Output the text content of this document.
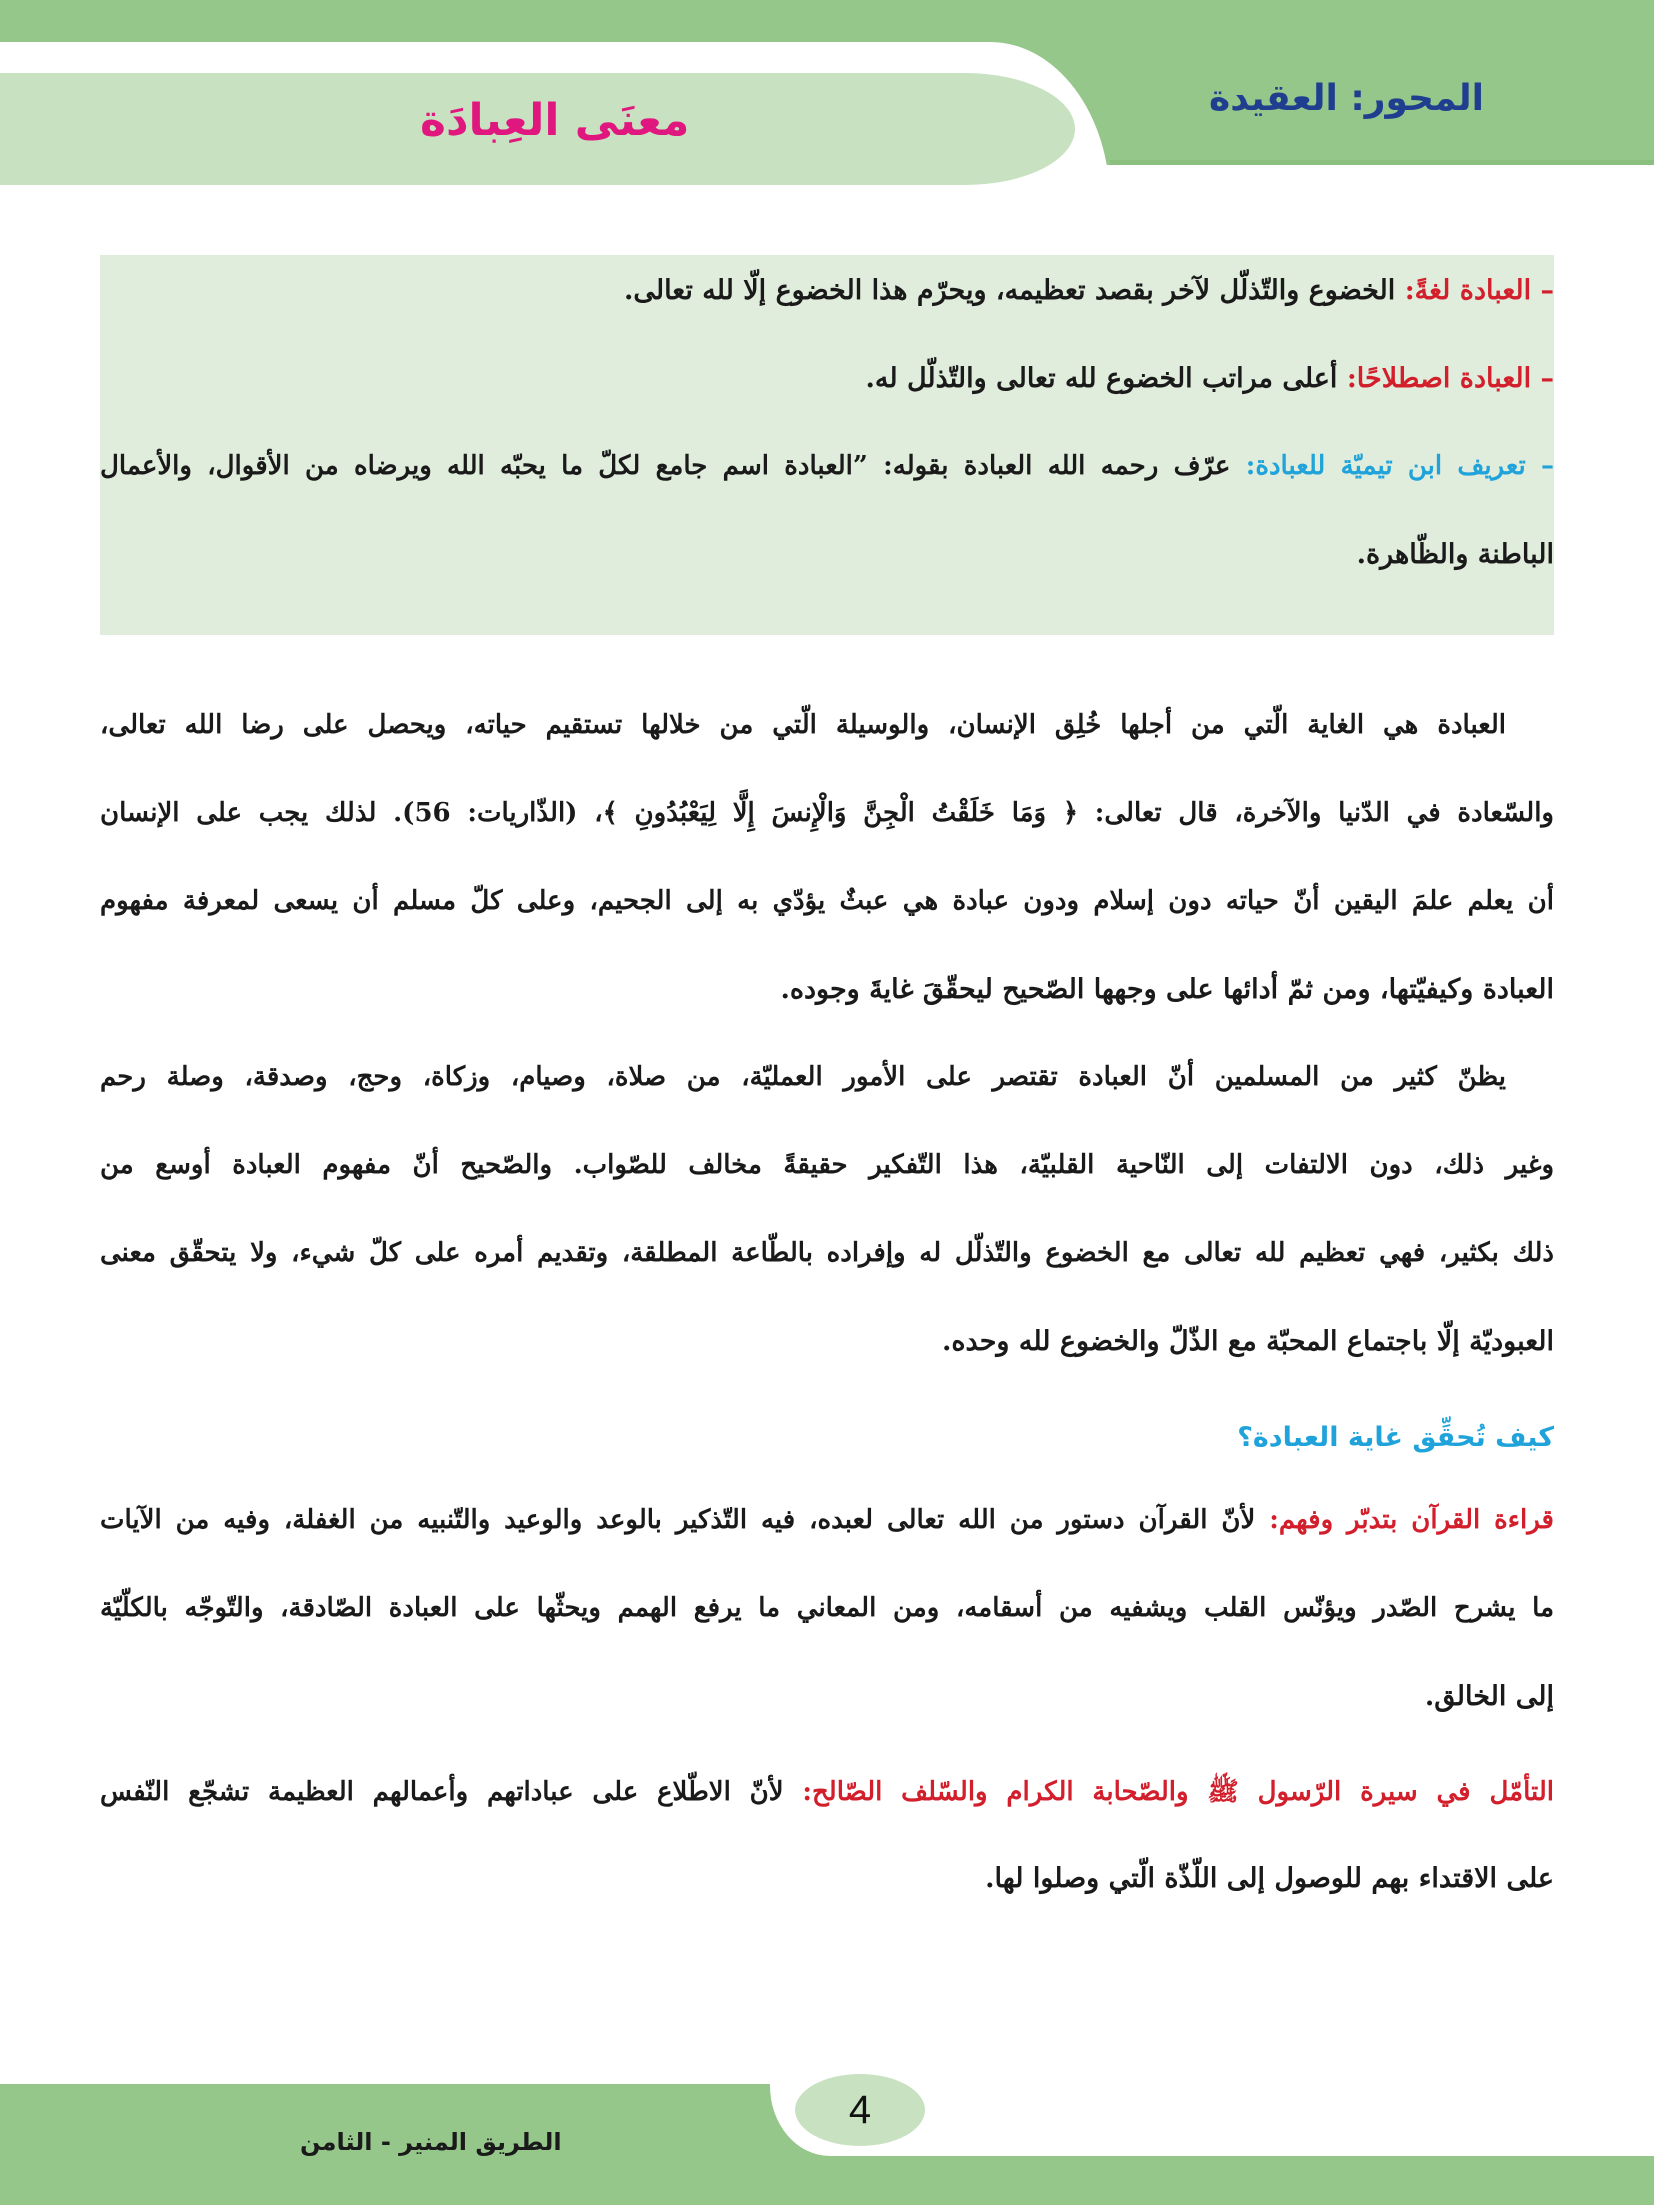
المحور: العقيدة
معنَى العِبادَة
– العبادة لغةً: الخضوع والتّذلّل لآخر بقصد تعظيمه، ويحرّم هذا الخضوع إلّا لله تعالى.
– العبادة اصطلاحًا: أعلى مراتب الخضوع لله تعالى والتّذلّل له.
– تعريف ابن تيميّة للعبادة: عرّف رحمه الله العبادة بقوله: ”العبادة اسم جامع لكلّ ما يحبّه الله ويرضاه من الأقوال، والأعمال
الباطنة والظّاهرة.
العبادة هي الغاية الّتي من أجلها خُلِق الإنسان، والوسيلة الّتي من خلالها تستقيم حياته، ويحصل على رضا الله تعالى،
والسّعادة في الدّنيا والآخرة، قال تعالى: ﴿ وَمَا خَلَقْتُ الْجِنَّ وَالْإِنسَ إِلَّا لِيَعْبُدُونِ ﴾، (الذّاريات: 56). لذلك يجب على الإنسان
أن يعلم علمَ اليقين أنّ حياته دون إسلام ودون عبادة هي عبثٌ يؤدّي به إلى الجحيم، وعلى كلّ مسلم أن يسعى لمعرفة مفهوم
العبادة وكيفيّتها، ومن ثمّ أدائها على وجهها الصّحيح ليحقّقَ غايةَ وجوده.
يظنّ كثير من المسلمين أنّ العبادة تقتصر على الأمور العمليّة، من صلاة، وصيام، وزكاة، وحج، وصدقة، وصلة رحم
وغير ذلك، دون الالتفات إلى النّاحية القلبيّة، هذا التّفكير حقيقةً مخالف للصّواب. والصّحيح أنّ مفهوم العبادة أوسع من
ذلك بكثير، فهي تعظيم لله تعالى مع الخضوع والتّذلّل له وإفراده بالطّاعة المطلقة، وتقديم أمره على كلّ شيء، ولا يتحقّق معنى
العبوديّة إلّا باجتماع المحبّة مع الذّلّ والخضوع لله وحده.
كيف تُحقِّق غاية العبادة؟
قراءة القرآن بتدبّر وفهم: لأنّ القرآن دستور من الله تعالى لعبده، فيه التّذكير بالوعد والوعيد والتّنبيه من الغفلة، وفيه من الآيات
ما يشرح الصّدر ويؤنّس القلب ويشفيه من أسقامه، ومن المعاني ما يرفع الهمم ويحثّها على العبادة الصّادقة، والتّوجّه بالكلّيّة
إلى الخالق.
التأمّل في سيرة الرّسول ﷺ والصّحابة الكرام والسّلف الصّالح: لأنّ الاطّلاع على عباداتهم وأعمالهم العظيمة تشجّع النّفس
على الاقتداء بهم للوصول إلى اللّذّة الّتي وصلوا لها.
4
الطريق المنير - الثامن
